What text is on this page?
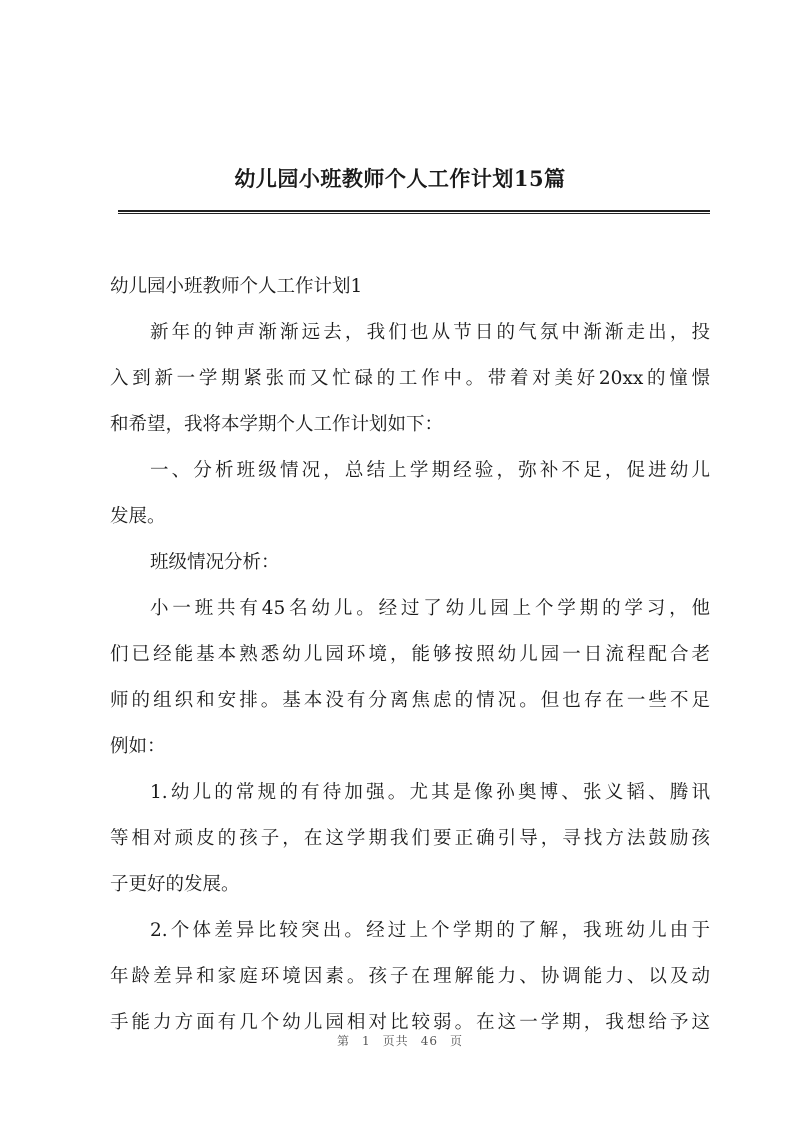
幼儿园小班教师个人工作计划15篇
幼儿园小班教师个人工作计划1
新年的钟声渐渐远去，我们也从节日的气氛中渐渐走出，投
入到新一学期紧张而又忙碌的工作中。带着对美好20xx的憧憬
和希望，我将本学期个人工作计划如下：
一、分析班级情况，总结上学期经验，弥补不足，促进幼儿
发展。
班级情况分析：
小一班共有45名幼儿。经过了幼儿园上个学期的学习，他
们已经能基本熟悉幼儿园环境，能够按照幼儿园一日流程配合老
师的组织和安排。基本没有分离焦虑的情况。但也存在一些不足
例如：
1.幼儿的常规的有待加强。尤其是像孙奥博、张义韬、腾讯
等相对顽皮的孩子，在这学期我们要正确引导，寻找方法鼓励孩
子更好的发展。
2.个体差异比较突出。经过上个学期的了解，我班幼儿由于
年龄差异和家庭环境因素。孩子在理解能力、协调能力、以及动
手能力方面有几个幼儿园相对比较弱。在这一学期，我想给予这
第 1 页共 46 页
